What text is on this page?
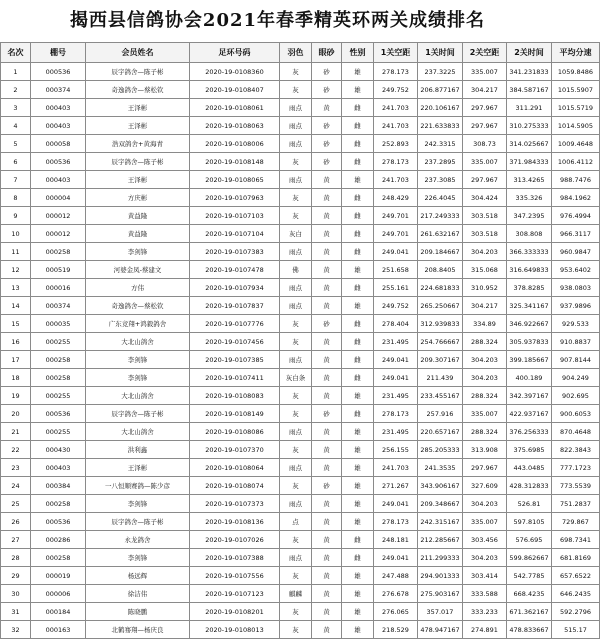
揭西县信鸽协会2021年春季精英环两关成绩排名
名次	棚号	会员姓名	足环号码	羽色	眼砂	性别	1关空距	1关时间	2关空距	2关时间	平均分速
1	000536	辰宇鸽舍—陈子彬	2020-19-0108360	灰	砂	雄	278.173	237.3225	335.007	341.231833	1059.8486
2	000374	奇逸鸽舍—蔡松钦	2020-19-0108407	灰	砂	雄	249.752	206.877167	304.217	384.587167	1015.5907
3	000403	王泽彬	2020-19-0108061	雨点	黄	雌	241.703	220.106167	297.967	311.291	1015.5719
4	000403	王泽彬	2020-19-0108063	雨点	砂	雌	241.703	221.633833	297.967	310.275333	1014.5905
5	000058	浩双鸽舍+黄海青	2020-19-0108006	雨点	砂	雌	252.893	242.3315	308.73	314.025667	1009.4648
6	000536	辰宇鸽舍—陈子彬	2020-19-0108148	灰	砂	雌	278.173	237.2895	335.007	371.984333	1006.4112
7	000403	王泽彬	2020-19-0108065	雨点	黄	雄	241.703	237.3085	297.967	313.4265	988.7476
8	000004	方庆彬	2020-19-0107963	灰	黄	雌	248.429	226.4045	304.424	335.326	984.1962
9	000012	黄益隆	2020-19-0107103	灰	黄	雌	249.701	217.249333	303.518	347.2395	976.4994
10	000012	黄益隆	2020-19-0107104	灰白	黄	雌	249.701	261.632167	303.518	308.808	966.3117
11	000258	李剑锋	2020-19-0107383	雨点	黄	雌	249.041	209.184667	304.203	366.333333	960.9847
12	000519	河婆金凤-蔡建文	2020-19-0107478	佛	黄	雄	251.658	208.8405	315.068	316.649833	953.6402
13	000016	方伟	2020-19-0107934	雨点	黄	雌	255.161	224.681833	310.952	378.8285	938.0803
14	000374	奇逸鸽舍—蔡松钦	2020-19-0107837	雨点	黄	雄	249.752	265.250667	304.217	325.341167	937.9896
15	000035	广东竞翔+鸿毅鸽舍	2020-19-0107776	灰	砂	雌	278.404	312.939833	334.89	346.922667	929.533
16	000255	大北山鸽舍	2020-19-0107456	灰	黄	雌	231.495	254.766667	288.324	305.937833	910.8837
17	000258	李剑锋	2020-19-0107385	雨点	黄	雌	249.041	209.307167	304.203	399.185667	907.8144
18	000258	李剑锋	2020-19-0107411	灰白条	黄	雌	249.041	211.439	304.203	400.189	904.249
19	000255	大北山鸽舍	2020-19-0108083	灰	黄	雄	231.495	233.455167	288.324	342.397167	902.695
20	000536	辰宇鸽舍—陈子彬	2020-19-0108149	灰	砂	雌	278.173	257.916	335.007	422.937167	900.6053
21	000255	大北山鸽舍	2020-19-0108086	雨点	黄	雄	231.495	220.657167	288.324	376.256333	870.4648
22	000430	洪利鑫	2020-19-0107370	灰	黄	雄	256.155	285.205333	313.908	375.6985	822.3843
23	000403	王泽彬	2020-19-0108064	雨点	黄	雄	241.703	241.3535	297.967	443.0485	777.1723
24	000384	一八恒顺赛鸽—陈少彦	2020-19-0108074	灰	砂	雄	271.267	343.906167	327.609	428.312833	773.5539
25	000258	李剑锋	2020-19-0107373	雨点	黄	雄	249.041	209.348667	304.203	526.81	751.2837
26	000536	辰宇鸽舍—陈子彬	2020-19-0108136	点	黄	雄	278.173	242.315167	335.007	597.8105	729.867
27	000286	永龙鸽舍	2020-19-0107026	灰	黄	雌	248.181	212.285667	303.456	576.695	698.7341
28	000258	李剑锋	2020-19-0107388	雨点	黄	雌	249.041	211.299333	304.203	599.862667	681.8169
29	000019	杨远辉	2020-19-0107556	灰	黄	雄	247.488	294.901333	303.414	542.7785	657.6522
30	000006	徐洁伟	2020-19-0107123	麒麟	黄	雄	276.678	275.903167	333.588	668.4235	646.2435
31	000184	陈晓鹏	2020-19-0108201	灰	黄	雄	276.065	357.017	333.233	671.362167	592.2796
32	000163	北鹤骞翔—杨庆良	2020-19-0108013	灰	黄	雄	218.529	478.947167	274.891	478.833667	515.17
